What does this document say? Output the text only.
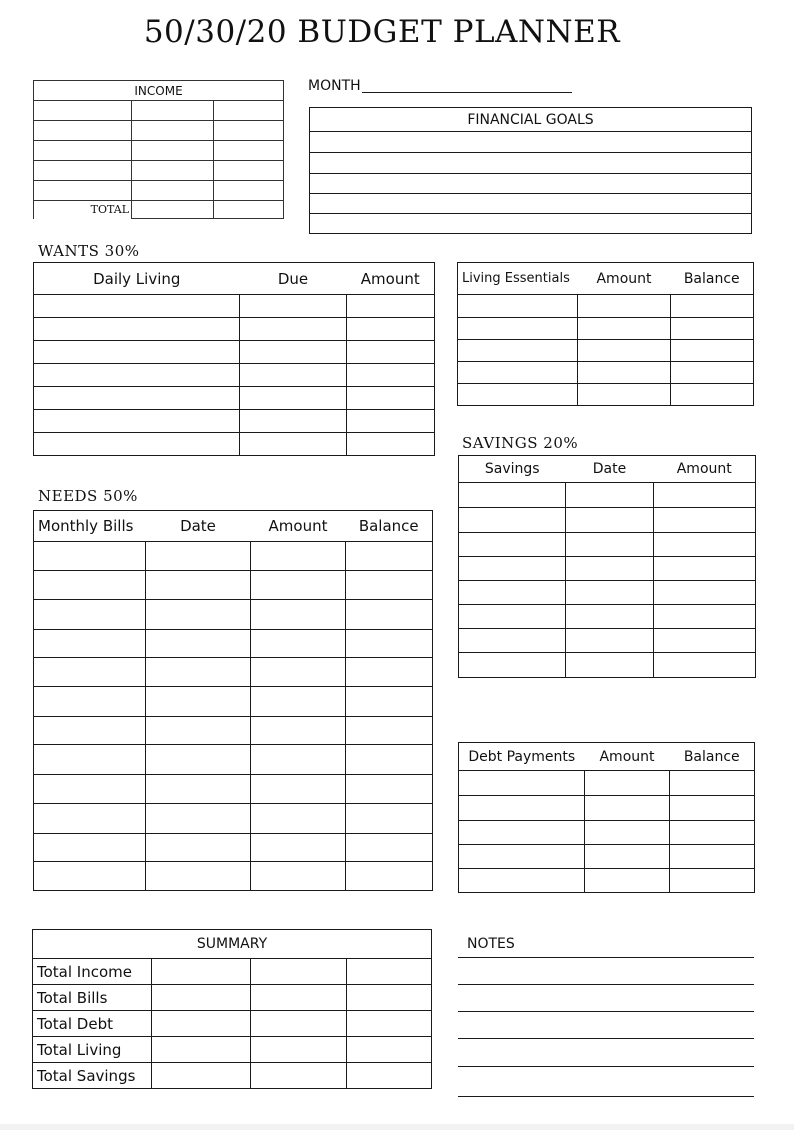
50/30/20 BUDGET PLANNER
INCOME		

TOTAL		
MONTH
FINANCIAL GOALS

WANTS 30%
Daily Living	Due	Amount

			Living Essentials	Amount	Balance

SAVINGS 20%
Savings	Date	Amount

NEEDS 50%
Monthly Bills	Date	Amount	Balance

Debt Payments	Amount	Balance

SUMMARY			
Total Income			
Total Bills			
Total Debt			
Total Living			
Total Savings			
NOTES
